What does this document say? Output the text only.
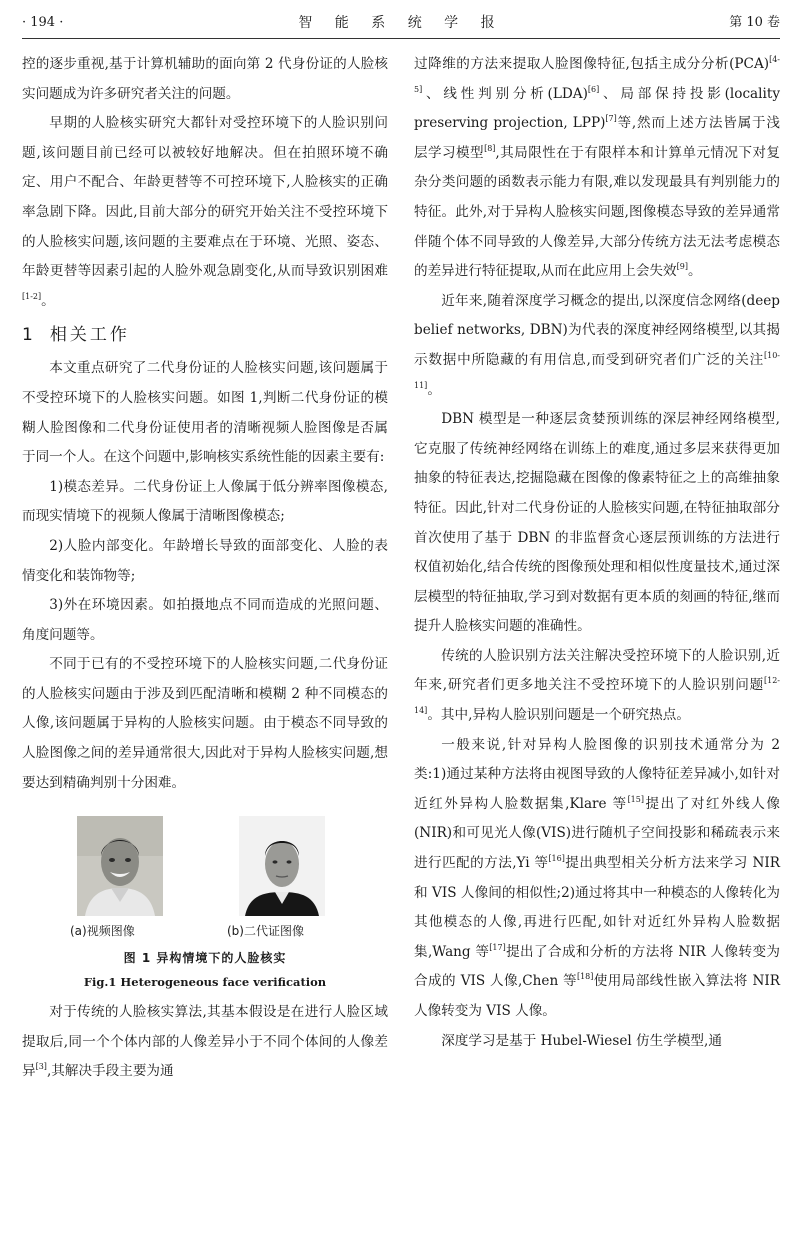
· 194 ·	智 能 系 统 学 报	第 10 卷

控的逐步重视,基于计算机辅助的面向第 2 代身份证的人脸核实问题成为许多研究者关注的问题。

早期的人脸核实研究大都针对受控环境下的人脸识别问题,该问题目前已经可以被较好地解决。但在拍照环境不确定、用户不配合、年龄更替等不可控环境下,人脸核实的正确率急剧下降。因此,目前大部分的研究开始关注不受控环境下的人脸核实问题,该问题的主要难点在于环境、光照、姿态、年龄更替等因素引起的人脸外观急剧变化,从而导致识别困难[1-2]。

1 相关工作

本文重点研究了二代身份证的人脸核实问题,该问题属于不受控环境下的人脸核实问题。如图 1,判断二代身份证的模糊人脸图像和二代身份证使用者的清晰视频人脸图像是否属于同一个人。在这个问题中,影响核实系统性能的因素主要有:

1)模态差异。二代身份证上人像属于低分辨率图像模态,而现实情境下的视频人像属于清晰图像模态;

2)人脸内部变化。年龄增长导致的面部变化、人脸的表情变化和装饰物等;

3)外在环境因素。如拍摄地点不同而造成的光照问题、角度问题等。

不同于已有的不受控环境下的人脸核实问题,二代身份证的人脸核实问题由于涉及到匹配清晰和模糊 2 种不同模态的人像,该问题属于异构的人脸核实问题。由于模态不同导致的人脸图像之间的差异通常很大,因此对于异构人脸核实问题,想要达到精确判别十分困难。

(a)视频图像	(b)二代证图像
图 1 异构情境下的人脸核实
Fig.1 Heterogeneous face verification

对于传统的人脸核实算法,其基本假设是在进行人脸区域提取后,同一个个体内部的人像差异小于不同个体间的人像差异[3],其解决手段主要为通

过降维的方法来提取人脸图像特征,包括主成分分析(PCA)[4-5]、线性判别分析(LDA)[6]、局部保持投影(locality preserving projection, LPP)[7]等,然而上述方法皆属于浅层学习模型[8],其局限性在于有限样本和计算单元情况下对复杂分类问题的函数表示能力有限,难以发现最具有判别能力的特征。此外,对于异构人脸核实问题,图像模态导致的差异通常伴随个体不同导致的人像差异,大部分传统方法无法考虑模态的差异进行特征提取,从而在此应用上会失效[9]。

近年来,随着深度学习概念的提出,以深度信念网络(deep belief networks, DBN)为代表的深度神经网络模型,以其揭示数据中所隐藏的有用信息,而受到研究者们广泛的关注[10-11]。

DBN 模型是一种逐层贪婪预训练的深层神经网络模型,它克服了传统神经网络在训练上的难度,通过多层来获得更加抽象的特征表达,挖掘隐藏在图像的像素特征之上的高维抽象特征。因此,针对二代身份证的人脸核实问题,在特征抽取部分首次使用了基于 DBN 的非监督贪心逐层预训练的方法进行权值初始化,结合传统的图像预处理和相似性度量技术,通过深层模型的特征抽取,学习到对数据有更本质的刻画的特征,继而提升人脸核实问题的准确性。

传统的人脸识别方法关注解决受控环境下的人脸识别,近年来,研究者们更多地关注不受控环境下的人脸识别问题[12-14]。其中,异构人脸识别问题是一个研究热点。

一般来说,针对异构人脸图像的识别技术通常分为 2 类:1)通过某种方法将由视图导致的人像特征差异减小,如针对近红外异构人脸数据集,Klare 等[15]提出了对红外线人像(NIR)和可见光人像(VIS)进行随机子空间投影和稀疏表示来进行匹配的方法,Yi 等[16]提出典型相关分析方法来学习 NIR 和 VIS 人像间的相似性;2)通过将其中一种模态的人像转化为其他模态的人像,再进行匹配,如针对近红外异构人脸数据集,Wang 等[17]提出了合成和分析的方法将 NIR 人像转变为合成的 VIS 人像,Chen 等[18]使用局部线性嵌入算法将 NIR 人像转变为 VIS 人像。

深度学习是基于 Hubel-Wiesel 仿生学模型,通
